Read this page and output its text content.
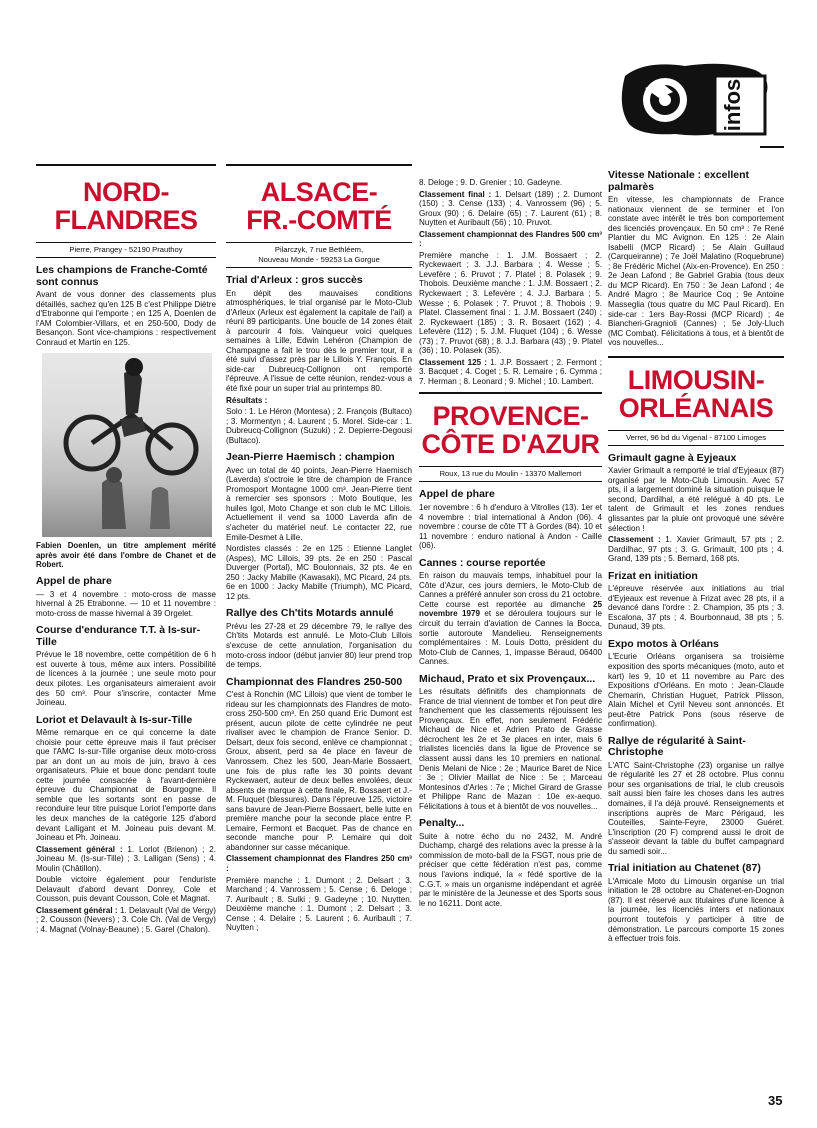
infos
NORD-
FLANDRES
Pierre, Prangey - 52190 Prauthoy
Les champions de Franche-Comté sont connus

Avant de vous donner des classements plus détaillés, sachez qu'en 125 B c'est Philippe Diètre d'Etrabonne qui l'emporte ; en 125 A, Doenlen de l'AM Colombier-Villars, et en 250-500, Dody de Besançon. Sont vice-champions : respectivement Conraud et Martin en 125.

Fabien Doenlen, un titre amplement mérité après avoir été dans l'ombre de Chanet et de Robert.

Appel de phare

— 3 et 4 novembre : moto-cross de masse hivernal à 25 Etrabonne. — 10 et 11 novembre : moto-cross de masse hivernal à 39 Orgelet.

Course d'endurance T.T. à Is-sur-Tille

Prévue le 18 novembre, cette compétition de 6 h est ouverte à tous, même aux inters. Possibilité de licences à la journée ; une seule moto pour deux pilotes. Les organisateurs aimeraient avoir des 50 cm³. Pour s'inscrire, contacter Mme Joineau.

Loriot et Delavault à Is-sur-Tille

Même remarque en ce qui concerne la date choisie pour cette épreuve mais il faut préciser que l'AMC Is-sur-Tille organise deux moto-cross par an dont un au mois de juin, bravo à ces organisateurs. Pluie et boue donc pendant toute cette journée consacrée à l'avant-dernière épreuve du Championnat de Bourgogne. Il semble que les sortants sont en passe de reconduire leur titre puisque Loriot l'emporte dans les deux manches de la catégorie 125 d'abord devant Lalligant et M. Joineau puis devant M. Joineau et Ph. Joineau.

Classement général : 1. Lorlot (Brienon) ; 2. Joineau M. (Is-sur-Tille) ; 3. Lalligan (Sens) ; 4. Moulin (Châtillon).

Double victoire également pour l'enduriste Delavault d'abord devant Donrey, Cole et Cousson, puis devant Cousson, Cole et Magnat.

Classement général : 1. Delavault (Val de Vergy) ; 2. Cousson (Nevers) ; 3. Cole Ch. (Val de Vergy) ; 4. Magnat (Volnay-Beaune) ; 5. Garel (Chalon).

ALSACE-
FR.-COMTÉ
Pilarczyk, 7 rue Bethléem,
Nouveau Monde - 59253 La Gorgue
Trial d'Arleux : gros succès

En dépit des mauvaises conditions atmosphériques, le trial organisé par le Moto-Club d'Arleux (Arleux est également la capitale de l'ail) a réuni 89 participants. Une boucle de 14 zones était à parcourir 4 fois. Vainqueur voici quelques semaines à Lille, Edwin Lehéron (Champion de Champagne a fait le trou dès le premier tour, il a été suivi d'assez près par le Lillois Y. François. En side-car Dubreucq-Collignon ont remporté l'épreuve. A l'issue de cette réunion, rendez-vous a été fixé pour un super trial au printemps 80.

Résultats :

Solo : 1. Le Héron (Montesa) ; 2. François (Bultaco) ; 3. Mormentyn ; 4. Laurent ; 5. Morel. Side-car : 1. Dubreucq-Collignon (Suzuki) ; 2. Depierre-Degousi (Bultaco).

Jean-Pierre Haemisch : champion

Avec un total de 40 points, Jean-Pierre Haemisch (Laverda) s'octroie le titre de champion de France Promosport Montagne 1000 cm³. Jean-Pierre tient à remercier ses sponsors : Moto Boutique, les huiles Igol, Moto Change et son club le MC Lillois. Actuellement il vend sa 1000 Laverda afin de s'acheter du matériel neuf. Le contacter 22, rue Emile-Desmet à Lille.

Nordistes classés : 2e en 125 : Etienne Langlet (Aspes), MC Lillois, 39 pts. 2e en 250 : Pascal Duverger (Portal), MC Boulonnais, 32 pts. 4e en 250 : Jacky Mabille (Kawasaki), MC Picard, 24 pts. 6e en 1000 : Jacky Mabille (Triumph), MC Picard, 12 pts.

Rallye des Ch'tits Motards annulé

Prévu les 27-28 et 29 décembre 79, le rallye des Ch'tits Motards est annulé. Le Moto-Club Lillois s'excuse de cette annulation, l'organisation du moto-cross indoor (début janvier 80) leur prend trop de temps.

Championnat des Flandres 250-500

C'est à Ronchin (MC Lillois) que vient de tomber le rideau sur les championnats des Flandres de moto-cross 250-500 cm³. En 250 quand Eric Dumont est présent, aucun pilote de cette cylindrée ne peut rivaliser avec le champion de France Senior. D. Delsart, deux fois second, enlève ce championnat ; Groux, absent, perd sa 4e place en faveur de Vanrossem. Chez les 500, Jean-Marie Bossaert, une fois de plus rafle les 30 points devant Ryckewaert, auteur de deux belles envolées, deux absents de marque à cette finale, R. Bossaert et J.-M. Fluquet (blessures). Dans l'épreuve 125, victoire sans bavure de Jean-Pierre Bossaert, belle lutte en première manche pour la seconde place entre P. Lemaire, Fermont et Bacquet. Pas de chance en seconde manche pour P. Lemaire qui doit abandonner sur casse mécanique.

Classement championnat des Flandres 250 cm³ :

Première manche : 1. Dumont ; 2. Delsart ; 3. Marchand ; 4. Vanrossem ; 5. Cense ; 6. Deloge ; 7. Auribault ; 8. Sulki ; 9. Gadeyne ; 10. Nuytten. Deuxième manche : 1. Dumont ; 2. Delsart ; 3. Cense ; 4. Delaire ; 5. Laurent ; 6. Auribault ; 7. Nuytten ;

8. Deloge ; 9. D. Grenier ; 10. Gadeyne.

Classement final : 1. Delsart (189) ; 2. Dumont (150) ; 3. Cense (133) ; 4. Vanrossem (96) ; 5. Groux (90) ; 6. Delaire (65) ; 7. Laurent (61) ; 8. Nuytten et Auribault (56) ; 10. Pruvot.

Classement championnat des Flandres 500 cm³ :

Première manche : 1. J.M. Bossaert ; 2. Ryckewaert ; 3. J.J. Barbara ; 4. Wesse ; 5. Levefère ; 6. Pruvot ; 7. Platel ; 8. Polasek ; 9. Thobois. Deuxième manche : 1. J.M. Bossaert ; 2. Ryckewaert ; 3. Lefevère ; 4. J.J. Barbara ; 5. Wesse ; 6. Polasek ; 7. Pruvot ; 8. Thobois ; 9. Platel. Classement final : 1. J.M. Bossaert (240) ; 2. Ryckewaert (185) ; 3. R. Bosaert (162) ; 4. Lefevère (112) ; 5. J.M. Fluquet (104) ; 6. Wesse (73) ; 7. Pruvot (68) ; 8. J.J. Barbara (43) ; 9. Platel (36) ; 10. Polasek (35).

Classement 125 : 1. J.P. Bossaert ; 2. Fermont ; 3. Bacquet ; 4. Coget ; 5. R. Lemaire ; 6. Cymma ; 7. Herman ; 8. Leonard ; 9. Michel ; 10. Lambert.

PROVENCE-
CÔTE D'AZUR
Roux, 13 rue du Moulin - 13370 Mallemort
Appel de phare

1er novembre : 6 h d'enduro à Vitrolles (13). 1er et 4 novembre : trial international à Andon (06). 4 novembre : course de côte TT à Gordes (84). 10 et 11 novembre : enduro national à Andon - Caille (06).

Cannes : course reportée

En raison du mauvais temps, inhabituel pour la Côte d'Azur, ces jours derniers, le Moto-Club de Cannes a préféré annuler son cross du 21 octobre. Cette course est reportée au dimanche 25 novembre 1979 et se déroulera toujours sur le circuit du terrain d'aviation de Cannes la Bocca, sortie autoroute Mandelieu. Renseignements complémentaires : M. Louis Dotto, président du Moto-Club de Cannes, 1, impasse Béraud, 06400 Cannes.

Michaud, Prato et six Provençaux...

Les résultats définitifs des championnats de France de trial viennent de tomber et l'on peut dire franchement que les classements réjouissent les Provençaux. En effet, non seulement Frédéric Michaud de Nice et Adrien Prato de Grasse décrochent les 2e et 3e places en inter, mais 6 trialistes licenciés dans la ligue de Provence se classent aussi dans les 10 premiers en national. Denis Melani de Nice : 2e ; Maurice Baret de Nice : 3e ; Olivier Maillat de Nice : 5e ; Marceau Montesinos d'Arles : 7e ; Michel Girard de Grasse et Philippe Ranc de Mazan : 10e ex-aequo. Félicitations à tous et à bientôt de vos nouvelles...

Penalty...

Suite à notre écho du no 2432, M. André Duchamp, chargé des relations avec la presse à la commission de moto-ball de la FSGT, nous prie de préciser que cette fédération n'est pas, comme nous l'avions indiqué, la « fédé sportive de la C.G.T. » mais un organisme indépendant et agréé par le ministère de la Jeunesse et des Sports sous le no 16211. Dont acte.

Vitesse Nationale : excellent palmarès

En vitesse, les championnats de France nationaux viennent de se terminer et l'on constate avec intérêt le très bon comportement des licenciés provençaux. En 50 cm³ : 7e René Plantier du MC Avignon. En 125 : 2e Alain Isabelli (MCP Ricard) ; 5e Alain Guillaud (Carqueiranne) ; 7e Joël Malatino (Roquebrune) ; 8e Frédéric Michel (Aix-en-Provence). En 250 : 2e Jean Lafond ; 8e Gabriel Grabia (tous deux du MCP Ricard). En 750 : 3e Jean Lafond ; 4e André Magro ; 8e Maurice Coq ; 9e Antoine Masseglia (tous quatre du MC Paul Ricard). En side-car : 1ers Bay-Rossi (MCP Ricard) ; 4e Biancheri-Gragnioli (Cannes) ; 5e Joly-Lluch (MC Combat). Félicitations à tous, et à bientôt de vos nouvelles...

LIMOUSIN-
ORLÉANAIS
Verret, 96 bd du Vigenal - 87100 Limoges
Grimault gagne à Eyjeaux

Xavier Grimault a remporté le trial d'Eyjeaux (87) organisé par le Moto-Club Limousin. Avec 57 pts, il a largement dominé la situation puisque le second, Dardilhal, a été relégué à 40 pts. Le talent de Grimault et les zones rendues glissantes par la pluie ont provoqué une sévère sélection !

Classement : 1. Xavier Grimault, 57 pts ; 2. Dardilhac, 97 pts ; 3. G. Grimault, 100 pts ; 4. Grand, 139 pts ; 5. Bernard, 168 pts.

Frizat en initiation

L'épreuve réservée aux initiations au trial d'Eyjeaux est revenue à Frizat avec 28 pts, il a devancé dans l'ordre : 2. Champion, 35 pts ; 3. Escalona, 37 pts ; 4. Bourbonnaud, 38 pts ; 5. Dunaud, 39 pts.

Expo motos à Orléans

L'Ecurie Orléans organisera sa troisième exposition des sports mécaniques (moto, auto et kart) les 9, 10 et 11 novembre au Parc des Expositions d'Orléans. En moto : Jean-Claude Chemarin, Christian Huguet, Patrick Plisson, Alain Michel et Cyril Neveu sont annoncés. Et peut-être Patrick Pons (sous réserve de confirmation).

Rallye de régularité à Saint-Christophe

L'ATC Saint-Christophe (23) organise un rallye de régularité les 27 et 28 octobre. Plus connu pour ses organisations de trial, le club creusois sait aussi bien faire les choses dans les autres domaines, il l'a déjà prouvé. Renseignements et inscriptions auprès de Marc Périgaud, les Couteilles, Sainte-Feyre, 23000 Guéret. L'inscription (20 F) comprend aussi le droit de s'asseoir devant la table du buffet campagnard du samedi soir...

Trial initiation au Chatenet (87)

L'Amicale Moto du Limousin organise un trial initiation le 28 octobre au Chatenet-en-Dognon (87). Il est réservé aux titulaires d'une licence à la journée, les licenciés inters et nationaux pourront toutefois y participer à titre de démonstration. Le parcours comporte 15 zones à effectuer trois fois.

35
